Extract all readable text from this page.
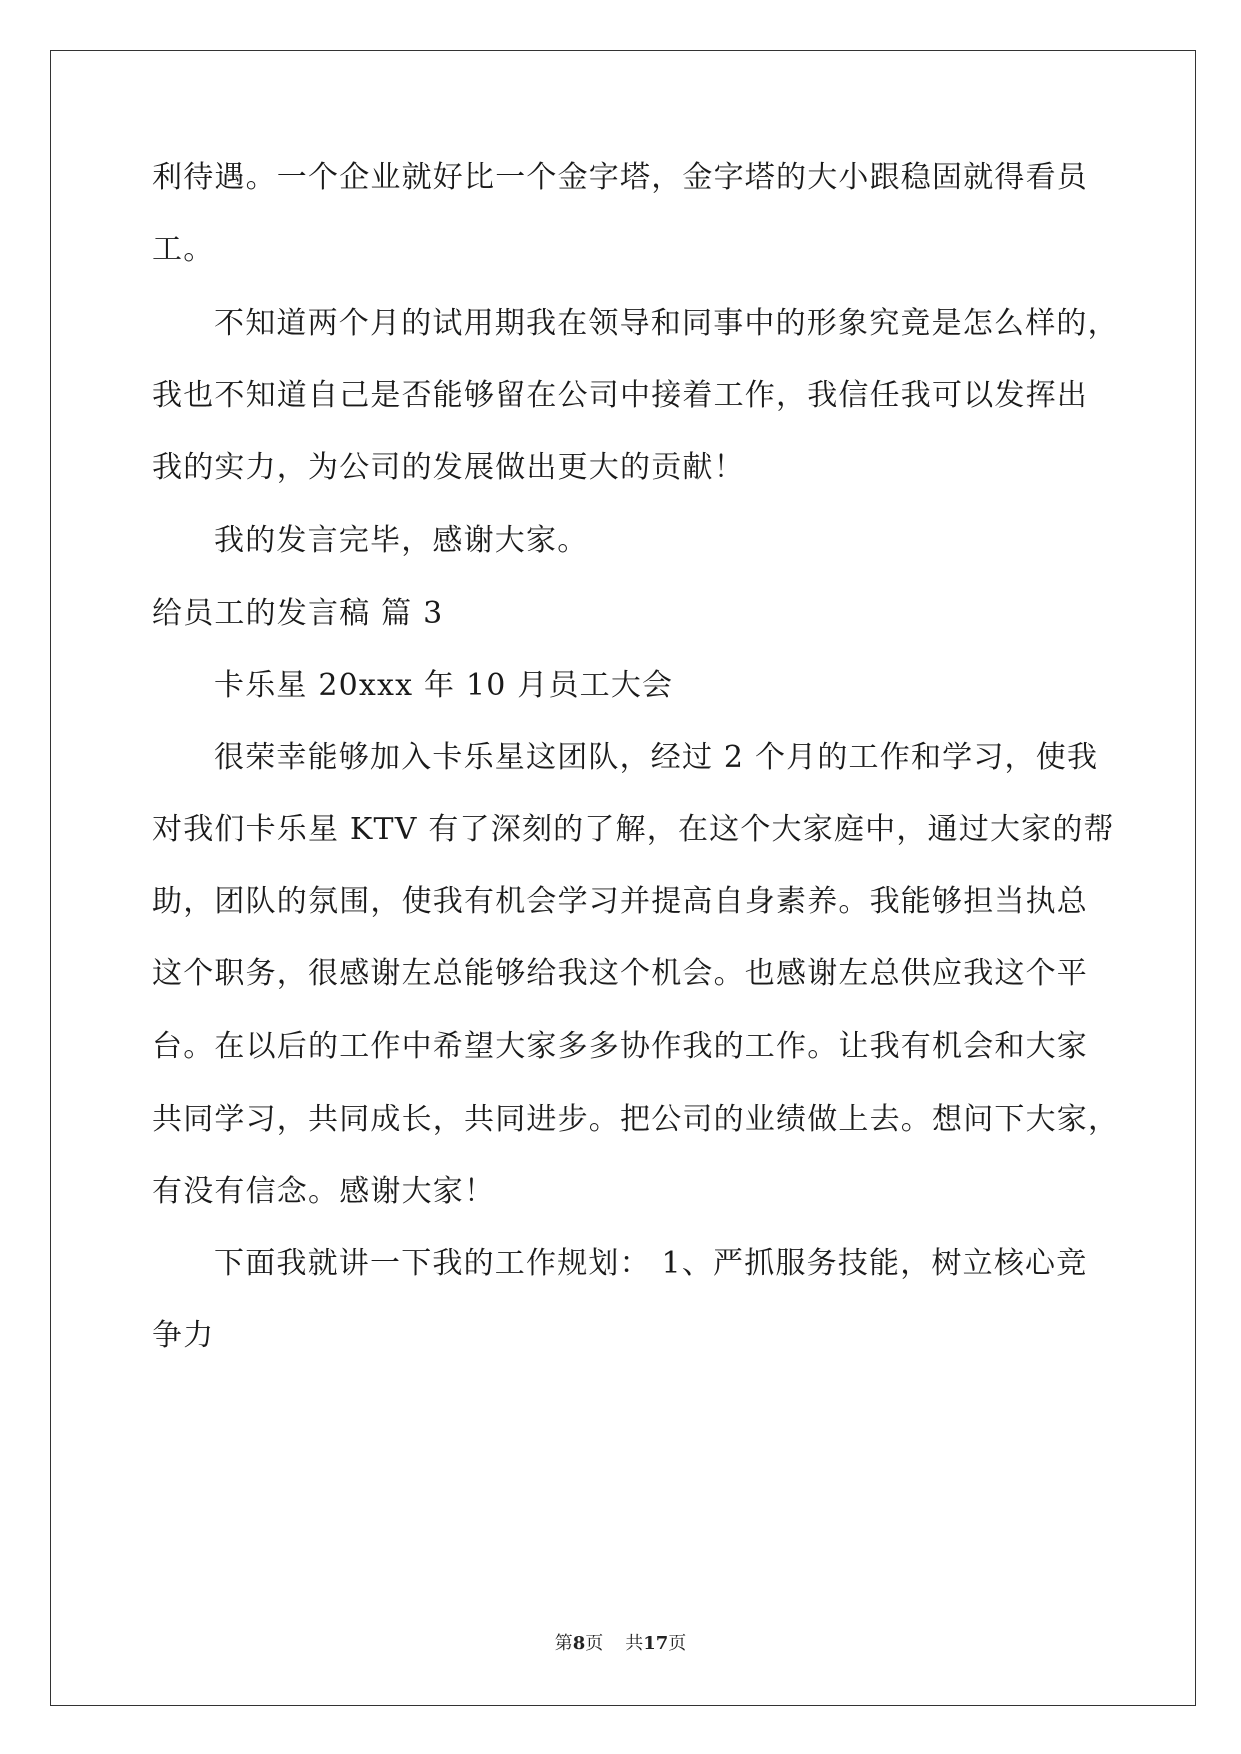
利待遇。一个企业就好比一个金字塔，金字塔的大小跟稳固就得看员
工。
不知道两个月的试用期我在领导和同事中的形象究竟是怎么样的，
我也不知道自己是否能够留在公司中接着工作，我信任我可以发挥出
我的实力，为公司的发展做出更大的贡献！
我的发言完毕，感谢大家。
给员工的发言稿 篇 3
卡乐星 20xxx 年 10 月员工大会
很荣幸能够加入卡乐星这团队，经过 2 个月的工作和学习，使我
对我们卡乐星 KTV 有了深刻的了解，在这个大家庭中，通过大家的帮
助，团队的氛围，使我有机会学习并提高自身素养。我能够担当执总
这个职务，很感谢左总能够给我这个机会。也感谢左总供应我这个平
台。在以后的工作中希望大家多多协作我的工作。让我有机会和大家
共同学习，共同成长，共同进步。把公司的业绩做上去。想问下大家，
有没有信念。感谢大家！
下面我就讲一下我的工作规划： 1、严抓服务技能，树立核心竞
争力
第8页 共17页
